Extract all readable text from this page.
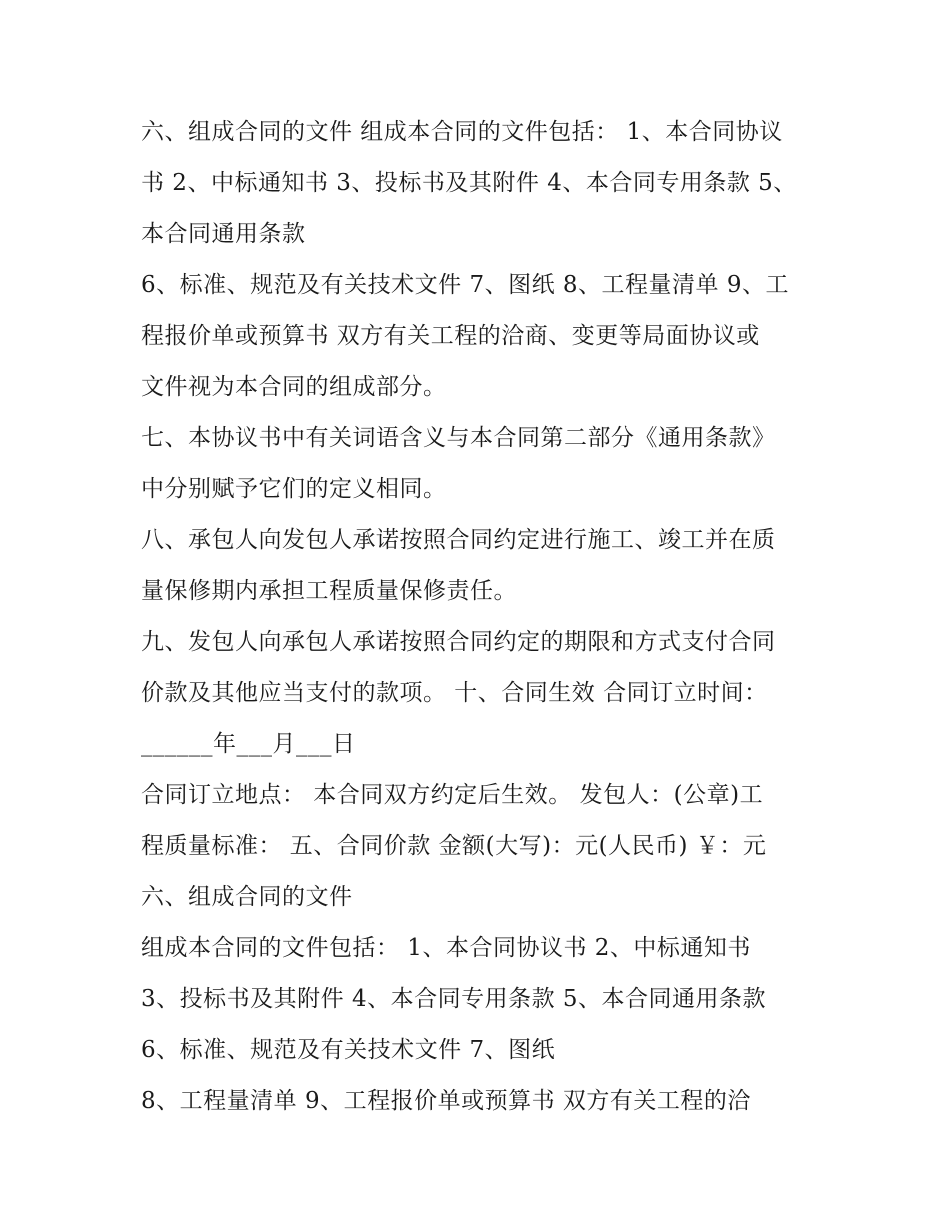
六、组成合同的文件 组成本合同的文件包括： 1、本合同协议
书 2、中标通知书 3、投标书及其附件 4、本合同专用条款 5、
本合同通用条款
6、标准、规范及有关技术文件 7、图纸 8、工程量清单 9、工
程报价单或预算书 双方有关工程的洽商、变更等局面协议或
文件视为本合同的组成部分。
七、本协议书中有关词语含义与本合同第二部分《通用条款》
中分别赋予它们的定义相同。
八、承包人向发包人承诺按照合同约定进行施工、竣工并在质
量保修期内承担工程质量保修责任。
九、发包人向承包人承诺按照合同约定的期限和方式支付合同
价款及其他应当支付的款项。 十、合同生效 合同订立时间：
______年___月___日
合同订立地点： 本合同双方约定后生效。 发包人：(公章)工
程质量标准： 五、合同价款 金额(大写)：元(人民币) ￥：元
六、组成合同的文件
组成本合同的文件包括： 1、本合同协议书 2、中标通知书
3、投标书及其附件 4、本合同专用条款 5、本合同通用条款
6、标准、规范及有关技术文件 7、图纸
8、工程量清单 9、工程报价单或预算书 双方有关工程的洽
